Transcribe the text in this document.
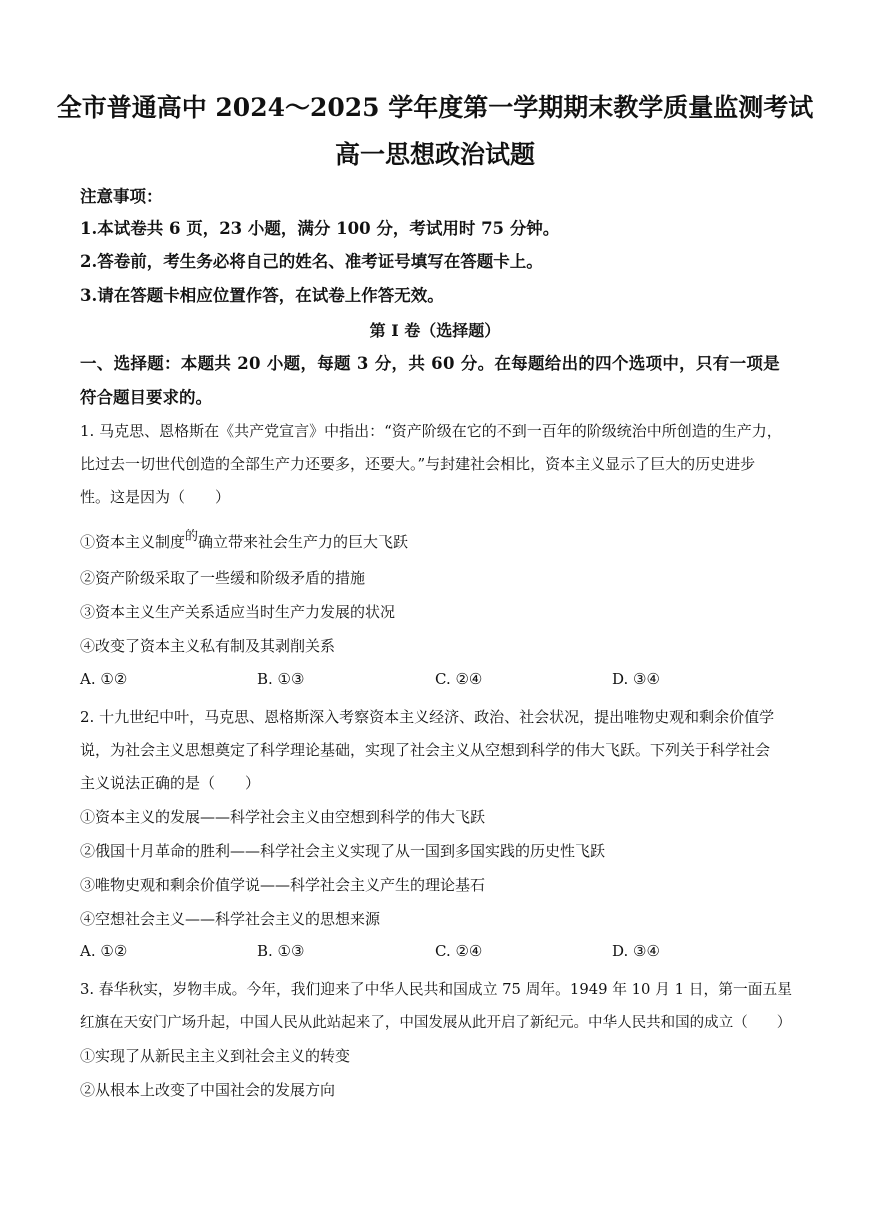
全市普通高中 2024～2025 学年度第一学期期末教学质量监测考试
高一思想政治试题
注意事项：
1.本试卷共 6 页，23 小题，满分 100 分，考试用时 75 分钟。
2.答卷前，考生务必将自己的姓名、准考证号填写在答题卡上。
3.请在答题卡相应位置作答，在试卷上作答无效。
第 I 卷（选择题）
一、选择题：本题共 20 小题，每题 3 分，共 60 分。在每题给出的四个选项中，只有一项是
符合题目要求的。
1. 马克思、恩格斯在《共产党宣言》中指出：“资产阶级在它的不到一百年的阶级统治中所创造的生产力，
比过去一切世代创造的全部生产力还要多，还要大。”与封建社会相比，资本主义显示了巨大的历史进步
性。这是因为（　　）
①资本主义制度的确立带来社会生产力的巨大飞跃
②资产阶级采取了一些缓和阶级矛盾的措施
③资本主义生产关系适应当时生产力发展的状况
④改变了资本主义私有制及其剥削关系
A. ①②	B. ①③	C. ②④	D. ③④
2. 十九世纪中叶，马克思、恩格斯深入考察资本主义经济、政治、社会状况，提出唯物史观和剩余价值学
说，为社会主义思想奠定了科学理论基础，实现了社会主义从空想到科学的伟大飞跃。下列关于科学社会
主义说法正确的是（　　）
①资本主义的发展——科学社会主义由空想到科学的伟大飞跃
②俄国十月革命的胜利——科学社会主义实现了从一国到多国实践的历史性飞跃
③唯物史观和剩余价值学说——科学社会主义产生的理论基石
④空想社会主义——科学社会主义的思想来源
A. ①②	B. ①③	C. ②④	D. ③④
3. 春华秋实，岁物丰成。今年，我们迎来了中华人民共和国成立 75 周年。1949 年 10 月 1 日，第一面五星
红旗在天安门广场升起，中国人民从此站起来了，中国发展从此开启了新纪元。中华人民共和国的成立（　　）
①实现了从新民主主义到社会主义的转变
②从根本上改变了中国社会的发展方向
